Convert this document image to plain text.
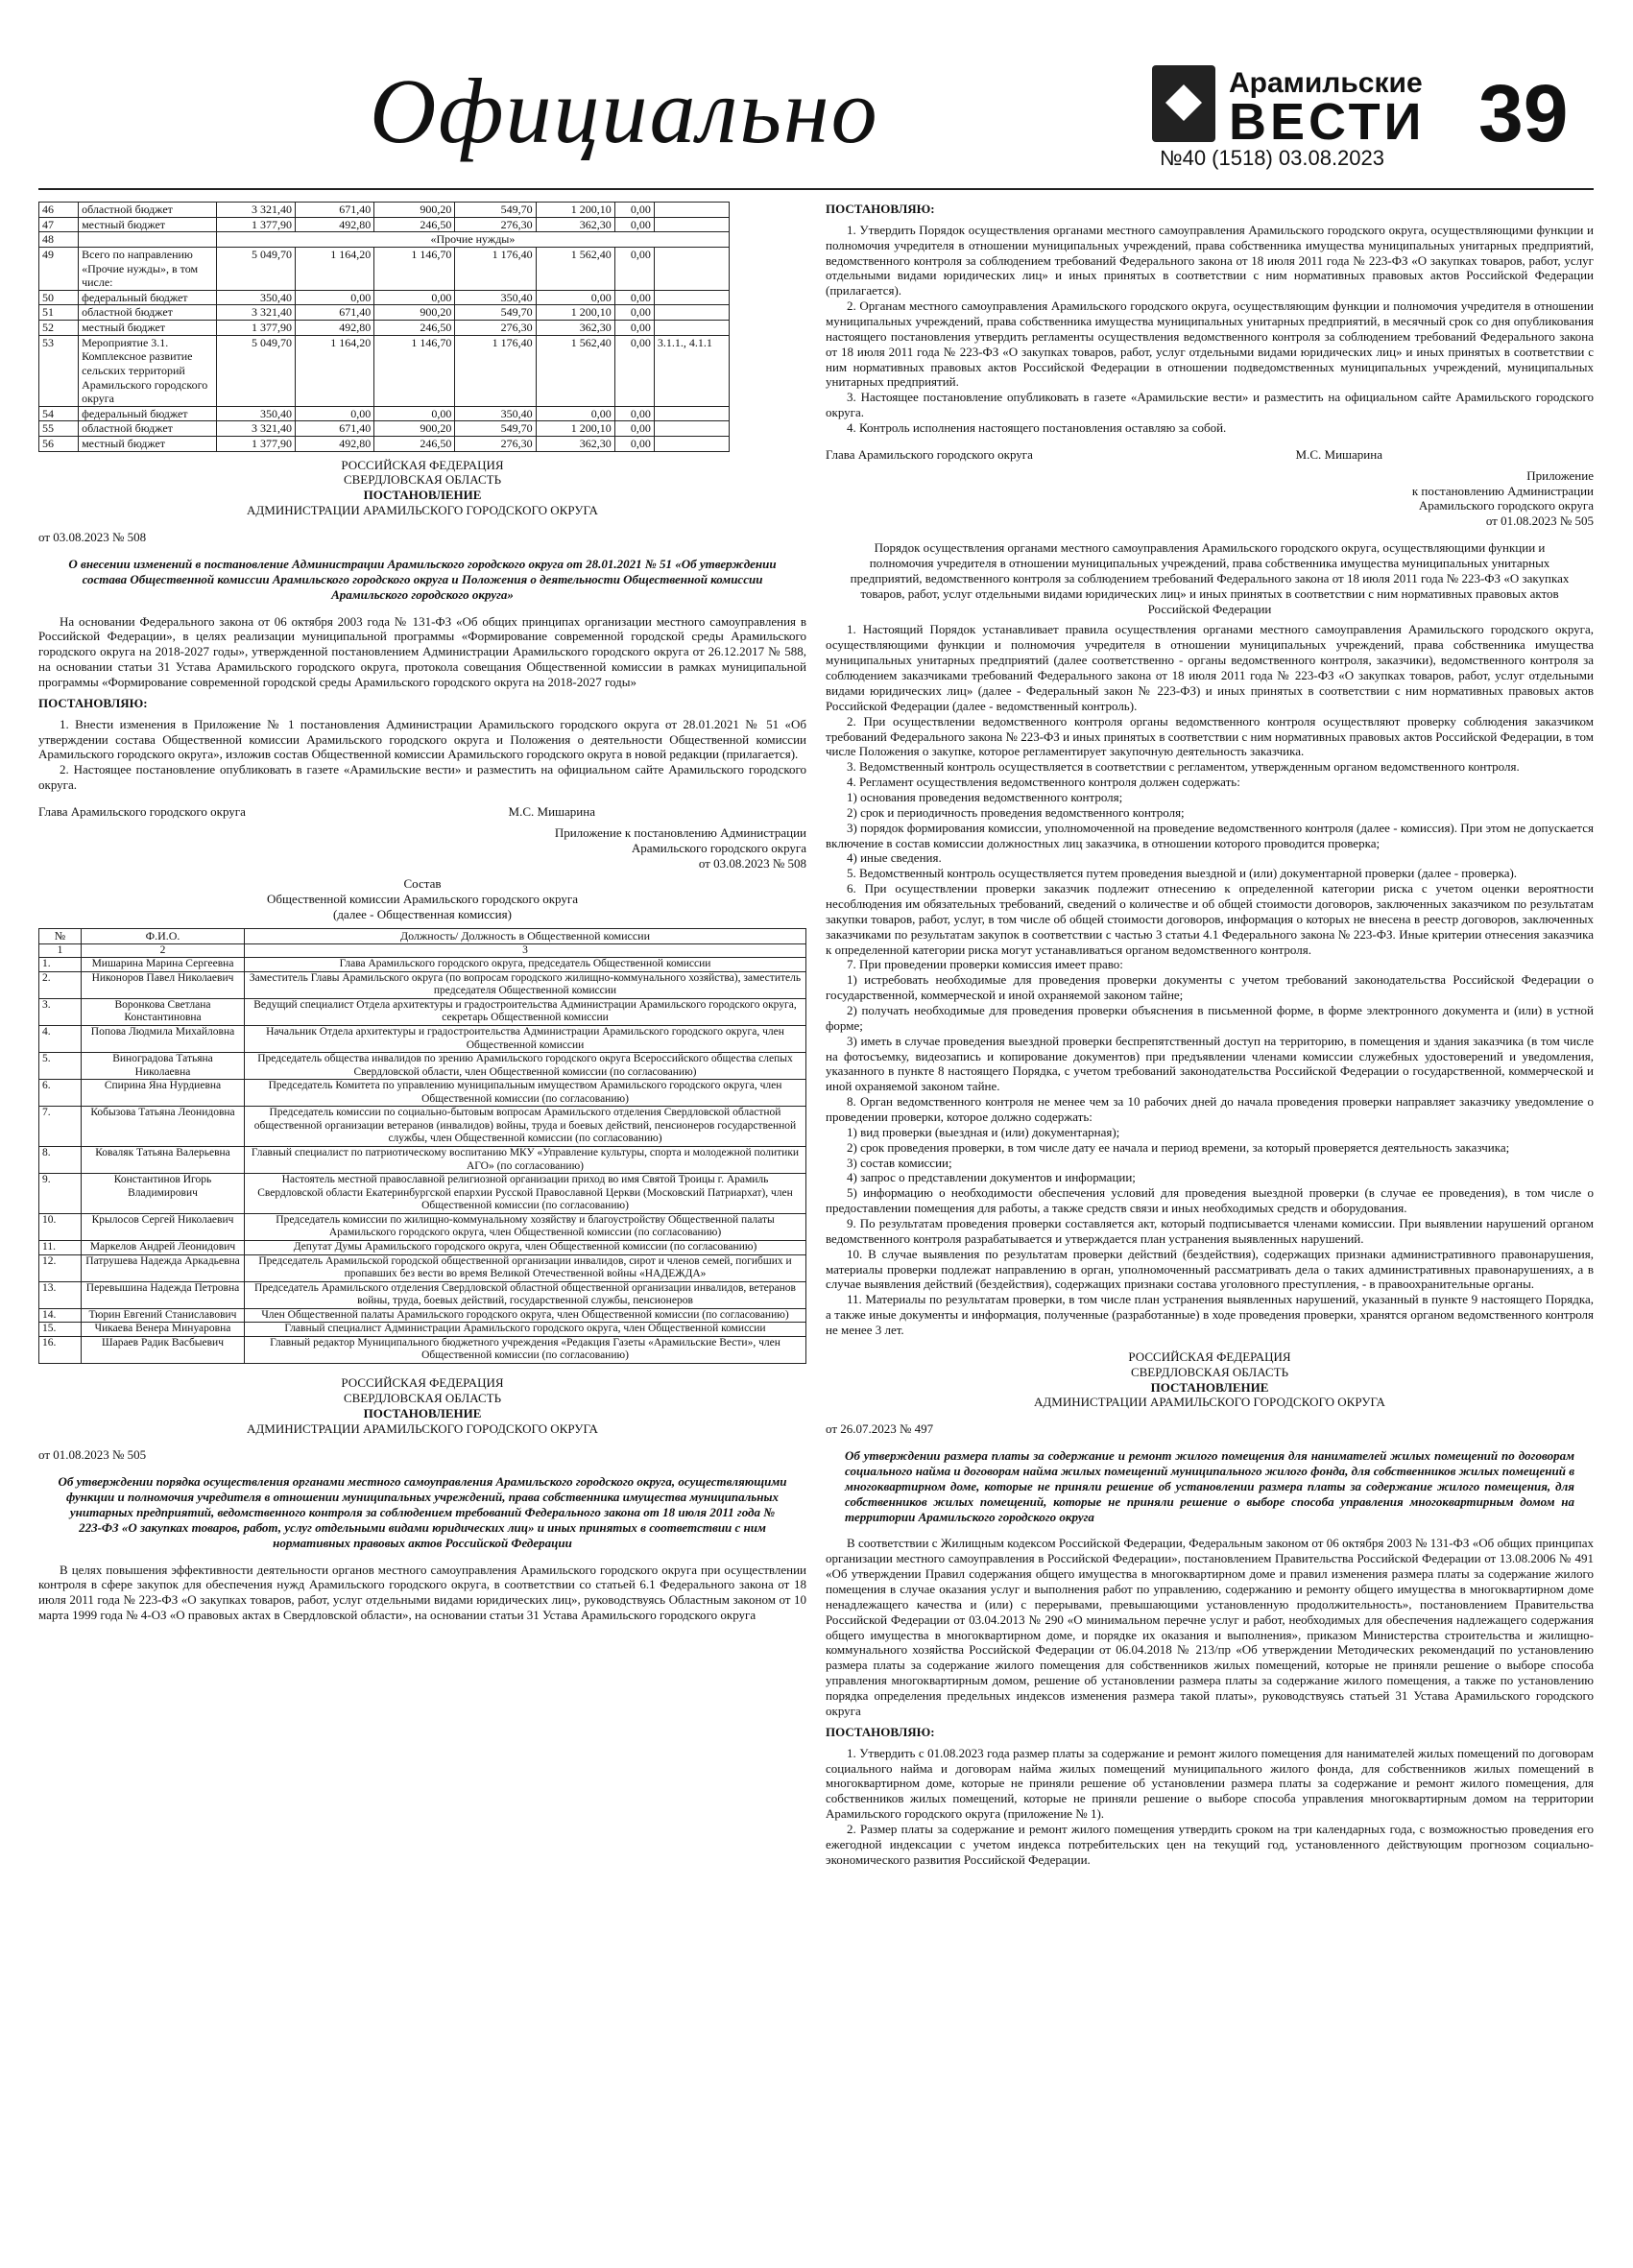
Официально	Арамильские
ВЕСТИ
№40 (1518) 03.08.2023 39
46	областной бюджет	3 321,40	671,40	900,20	549,70	1 200,10	0,00	
47	местный бюджет	1 377,90	492,80	246,50	276,30	362,30	0,00	
48		«Прочие нужды»						
49	Всего по направлению «Прочие нужды», в том числе:	5 049,70	1 164,20	1 146,70	1 176,40	1 562,40	0,00	
50	федеральный бюджет	350,40	0,00	0,00	350,40	0,00	0,00	
51	областной бюджет	3 321,40	671,40	900,20	549,70	1 200,10	0,00	
52	местный бюджет	1 377,90	492,80	246,50	276,30	362,30	0,00	
53	Мероприятие 3.1. Комплексное развитие сельских территорий Арамильского городского округа	5 049,70	1 164,20	1 146,70	1 176,40	1 562,40	0,00	3.1.1., 4.1.1
54	федеральный бюджет	350,40	0,00	0,00	350,40	0,00	0,00	
55	областной бюджет	3 321,40	671,40	900,20	549,70	1 200,10	0,00	
56	местный бюджет	1 377,90	492,80	246,50	276,30	362,30	0,00	

РОССИЙСКАЯ ФЕДЕРАЦИЯ

СВЕРДЛОВСКАЯ ОБЛАСТЬ

ПОСТАНОВЛЕНИЕ

АДМИНИСТРАЦИИ АРАМИЛЬСКОГО ГОРОДСКОГО ОКРУГА

от 03.08.2023 № 508

О внесении изменений в постановление Администрации Арамильского городского округа от 28.01.2021 № 51 «Об утверждении состава Общественной комиссии Арамильского городского округа и Положения о деятельности Общественной комиссии Арамильского городского округа»

На основании Федерального закона от 06 октября 2003 года № 131-ФЗ «Об общих принципах организации местного самоуправления в Российской Федерации», в целях реализации муниципальной программы «Формирование современной городской среды Арамильского городского округа на 2018-2027 годы», утвержденной постановлением Администрации Арамильского городского округа от 26.12.2017 № 588, на основании статьи 31 Устава Арамильского городского округа, протокола совещания Общественной комиссии в рамках муниципальной программы «Формирование современной городской среды Арамильского городского округа на 2018-2027 годы»

ПОСТАНОВЛЯЮ:

1. Внести изменения в Приложение № 1 постановления Администрации Арамильского городского округа от 28.01.2021 № 51 «Об утверждении состава Общественной комиссии Арамильского городского округа и Положения о деятельности Общественной комиссии Арамильского городского округа», изложив состав Общественной комиссии Арамильского городского округа в новой редакции (прилагается).

2. Настоящее постановление опубликовать в газете «Арамильские вести» и разместить на официальном сайте Арамильского городского округа.

Глава Арамильского городского округа	М.С. Мишарина

Приложение к постановлению Администрации

Арамильского городского округа

от 03.08.2023 № 508

Состав

Общественной комиссии Арамильского городского округа

(далее - Общественная комиссия)

№	Ф.И.О.	Должность/ Должность в Общественной комиссии
1	2	3
1.	Мишарина Марина Сергеевна	Глава Арамильского городского округа, председатель Общественной комиссии
2.	Никоноров Павел Николаевич	Заместитель Главы Арамильского округа (по вопросам городского жилищно-коммунального хозяйства), заместитель председателя Общественной комиссии
3.	Воронкова Светлана Константиновна	Ведущий специалист Отдела архитектуры и градостроительства Администрации Арамильского городского округа, секретарь Общественной комиссии
4.	Попова Людмила Михайловна	Начальник Отдела архитектуры и градостроительства Администрации Арамильского городского округа, член Общественной комиссии
5.	Виноградова Татьяна Николаевна	Председатель общества инвалидов по зрению Арамильского городского округа Всероссийского общества слепых Свердловской области, член Общественной комиссии (по согласованию)
6.	Спирина Яна Нурдиевна	Председатель Комитета по управлению муниципальным имуществом Арамильского городского округа, член Общественной комиссии (по согласованию)
7.	Кобызова Татьяна Леонидовна	Председатель комиссии по социально-бытовым вопросам Арамильского отделения Свердловской областной общественной организации ветеранов (инвалидов) войны, труда и боевых действий, пенсионеров государственной службы, член Общественной комиссии (по согласованию)
8.	Коваляк Татьяна Валерьевна	Главный специалист по патриотическому воспитанию МКУ «Управление культуры, спорта и молодежной политики АГО» (по согласованию)
9.	Константинов Игорь Владимирович	Настоятель местной православной религиозной организации приход во имя Святой Троицы г. Арамиль Свердловской области Екатеринбургской епархии Русской Православной Церкви (Московский Патриархат), член Общественной комиссии (по согласованию)
10.	Крылосов Сергей Николаевич	Председатель комиссии по жилищно-коммунальному хозяйству и благоустройству Общественной палаты Арамильского городского округа, член Общественной комиссии (по согласованию)
11.	Маркелов Андрей Леонидович	Депутат Думы Арамильского городского округа, член Общественной комиссии (по согласованию)
12.	Патрушева Надежда Аркадьевна	Председатель Арамильской городской общественной организации инвалидов, сирот и членов семей, погибших и пропавших без вести во время Великой Отечественной войны «НАДЕЖДА»
13.	Перевышина Надежда Петровна	Председатель Арамильского отделения Свердловской областной общественной организации инвалидов, ветеранов войны, труда, боевых действий, государственной службы, пенсионеров
14.	Тюрин Евгений Станиславович	Член Общественной палаты Арамильского городского округа, член Общественной комиссии (по согласованию)
15.	Чикаева Венера Минуаровна	Главный специалист Администрации Арамильского городского округа, член Общественной комиссии
16.	Шараев Радик Васбыевич	Главный редактор Муниципального бюджетного учреждения «Редакция Газеты «Арамильские Вести», член Общественной комиссии (по согласованию)

РОССИЙСКАЯ ФЕДЕРАЦИЯ

СВЕРДЛОВСКАЯ ОБЛАСТЬ

ПОСТАНОВЛЕНИЕ

АДМИНИСТРАЦИИ АРАМИЛЬСКОГО ГОРОДСКОГО ОКРУГА

от 01.08.2023 № 505

Об утверждении порядка осуществления органами местного самоуправления Арамильского городского округа, осуществляющими функции и полномочия учредителя в отношении муниципальных учреждений, права собственника имущества муниципальных унитарных предприятий, ведомственного контроля за соблюдением требований Федерального закона от 18 июля 2011 года № 223-ФЗ «О закупках товаров, работ, услуг отдельными видами юридических лиц» и иных принятых в соответствии с ним нормативных правовых актов Российской Федерации

В целях повышения эффективности деятельности органов местного самоуправления Арамильского городского округа при осуществлении контроля в сфере закупок для обеспечения нужд Арамильского городского округа, в соответствии со статьей 6.1 Федерального закона от 18 июля 2011 года № 223-ФЗ «О закупках товаров, работ, услуг отдельными видами юридических лиц», руководствуясь Областным законом от 10 марта 1999 года № 4-ОЗ «О правовых актах в Свердловской области», на основании статьи 31 Устава Арамильского городского округа

ПОСТАНОВЛЯЮ:

1. Утвердить Порядок осуществления органами местного самоуправления Арамильского городского округа, осуществляющими функции и полномочия учредителя в отношении муниципальных учреждений, права собственника имущества муниципальных унитарных предприятий, ведомственного контроля за соблюдением требований Федерального закона от 18 июля 2011 года № 223-ФЗ «О закупках товаров, работ, услуг отдельными видами юридических лиц» и иных принятых в соответствии с ним нормативных правовых актов Российской Федерации (прилагается).

2. Органам местного самоуправления Арамильского городского округа, осуществляющим функции и полномочия учредителя в отношении муниципальных учреждений, права собственника имущества муниципальных унитарных предприятий, в месячный срок со дня опубликования настоящего постановления утвердить регламенты осуществления ведомственного контроля за соблюдением требований Федерального закона от 18 июля 2011 года № 223-ФЗ «О закупках товаров, работ, услуг отдельными видами юридических лиц» и иных принятых в соответствии с ним нормативных правовых актов Российской Федерации в отношении подведомственных муниципальных учреждений, муниципальных унитарных предприятий.

3. Настоящее постановление опубликовать в газете «Арамильские вести» и разместить на официальном сайте Арамильского городского округа.

4. Контроль исполнения настоящего постановления оставляю за собой.

Глава Арамильского городского округа	М.С. Мишарина

Приложение

к постановлению Администрации

Арамильского городского округа

от 01.08.2023 № 505

Порядок осуществления органами местного самоуправления Арамильского городского округа, осуществляющими функции и полномочия учредителя в отношении муниципальных учреждений, права собственника имущества муниципальных унитарных предприятий, ведомственного контроля за соблюдением требований Федерального закона от 18 июля 2011 года № 223-ФЗ «О закупках товаров, работ, услуг отдельными видами юридических лиц» и иных принятых в соответствии с ним нормативных правовых актов Российской Федерации

1. Настоящий Порядок устанавливает правила осуществления органами местного самоуправления Арамильского городского округа, осуществляющими функции и полномочия учредителя в отношении муниципальных учреждений, права собственника имущества муниципальных унитарных предприятий (далее соответственно - органы ведомственного контроля, заказчики), ведомственного контроля за соблюдением заказчиками требований Федерального закона от 18 июля 2011 года № 223-ФЗ «О закупках товаров, работ, услуг отдельными видами юридических лиц» (далее - Федеральный закон № 223-ФЗ) и иных принятых в соответствии с ним нормативных правовых актов Российской Федерации (далее - ведомственный контроль).

2. При осуществлении ведомственного контроля органы ведомственного контроля осуществляют проверку соблюдения заказчиком требований Федерального закона № 223-ФЗ и иных принятых в соответствии с ним нормативных правовых актов Российской Федерации, в том числе Положения о закупке, которое регламентирует закупочную деятельность заказчика.

3. Ведомственный контроль осуществляется в соответствии с регламентом, утвержденным органом ведомственного контроля.

4. Регламент осуществления ведомственного контроля должен содержать:

1) основания проведения ведомственного контроля;

2) срок и периодичность проведения ведомственного контроля;

3) порядок формирования комиссии, уполномоченной на проведение ведомственного контроля (далее - комиссия). При этом не допускается включение в состав комиссии должностных лиц заказчика, в отношении которого проводится проверка;

4) иные сведения.

5. Ведомственный контроль осуществляется путем проведения выездной и (или) документарной проверки (далее - проверка).

6. При осуществлении проверки заказчик подлежит отнесению к определенной категории риска с учетом оценки вероятности несоблюдения им обязательных требований, сведений о количестве и об общей стоимости договоров, заключенных заказчиком по результатам закупки товаров, работ, услуг, в том числе об общей стоимости договоров, информация о которых не внесена в реестр договоров, заключенных заказчиками по результатам закупок в соответствии с частью 3 статьи 4.1 Федерального закона № 223-ФЗ. Иные критерии отнесения заказчика к определенной категории риска могут устанавливаться органом ведомственного контроля.

7. При проведении проверки комиссия имеет право:

1) истребовать необходимые для проведения проверки документы с учетом требований законодательства Российской Федерации о государственной, коммерческой и иной охраняемой законом тайне;

2) получать необходимые для проведения проверки объяснения в письменной форме, в форме электронного документа и (или) в устной форме;

3) иметь в случае проведения выездной проверки беспрепятственный доступ на территорию, в помещения и здания заказчика (в том числе на фотосъемку, видеозапись и копирование документов) при предъявлении членами комиссии служебных удостоверений и уведомления, указанного в пункте 8 настоящего Порядка, с учетом требований законодательства Российской Федерации о государственной, коммерческой и иной охраняемой законом тайне.

8. Орган ведомственного контроля не менее чем за 10 рабочих дней до начала проведения проверки направляет заказчику уведомление о проведении проверки, которое должно содержать:

1) вид проверки (выездная и (или) документарная);

2) срок проведения проверки, в том числе дату ее начала и период времени, за который проверяется деятельность заказчика;

3) состав комиссии;

4) запрос о представлении документов и информации;

5) информацию о необходимости обеспечения условий для проведения выездной проверки (в случае ее проведения), в том числе о предоставлении помещения для работы, а также средств связи и иных необходимых средств и оборудования.

9. По результатам проведения проверки составляется акт, который подписывается членами комиссии. При выявлении нарушений органом ведомственного контроля разрабатывается и утверждается план устранения выявленных нарушений.

10. В случае выявления по результатам проверки действий (бездействия), содержащих признаки административного правонарушения, материалы проверки подлежат направлению в орган, уполномоченный рассматривать дела о таких административных правонарушениях, а в случае выявления действий (бездействия), содержащих признаки состава уголовного преступления, - в правоохранительные органы.

11. Материалы по результатам проверки, в том числе план устранения выявленных нарушений, указанный в пункте 9 настоящего Порядка, а также иные документы и информация, полученные (разработанные) в ходе проведения проверки, хранятся органом ведомственного контроля не менее 3 лет.

РОССИЙСКАЯ ФЕДЕРАЦИЯ

СВЕРДЛОВСКАЯ ОБЛАСТЬ

ПОСТАНОВЛЕНИЕ

АДМИНИСТРАЦИИ АРАМИЛЬСКОГО ГОРОДСКОГО ОКРУГА

от 26.07.2023 № 497

Об утверждении размера платы за содержание и ремонт жилого помещения для нанимателей жилых помещений по договорам социального найма и договорам найма жилых помещений муниципального жилого фонда, для собственников жилых помещений в многоквартирном доме, которые не приняли решение об установлении размера платы за содержание жилого помещения, для собственников жилых помещений, которые не приняли решение о выборе способа управления многоквартирным домом на территории Арамильского городского округа

В соответствии с Жилищным кодексом Российской Федерации, Федеральным законом от 06 октября 2003 № 131-ФЗ «Об общих принципах организации местного самоуправления в Российской Федерации», постановлением Правительства Российской Федерации от 13.08.2006 № 491 «Об утверждении Правил содержания общего имущества в многоквартирном доме и правил изменения размера платы за содержание жилого помещения в случае оказания услуг и выполнения работ по управлению, содержанию и ремонту общего имущества в многоквартирном доме ненадлежащего качества и (или) с перерывами, превышающими установленную продолжительность», постановлением Правительства Российской Федерации от 03.04.2013 № 290 «О минимальном перечне услуг и работ, необходимых для обеспечения надлежащего содержания общего имущества в многоквартирном доме, и порядке их оказания и выполнения», приказом Министерства строительства и жилищно-коммунального хозяйства Российской Федерации от 06.04.2018 № 213/пр «Об утверждении Методических рекомендаций по установлению размера платы за содержание жилого помещения для собственников жилых помещений, которые не приняли решение о выборе способа управления многоквартирным домом, решение об установлении размера платы за содержание жилого помещения, а также по установлению порядка определения предельных индексов изменения размера такой платы», руководствуясь статьей 31 Устава Арамильского городского округа

ПОСТАНОВЛЯЮ:

1. Утвердить с 01.08.2023 года размер платы за содержание и ремонт жилого помещения для нанимателей жилых помещений по договорам социального найма и договорам найма жилых помещений муниципального жилого фонда, для собственников жилых помещений в многоквартирном доме, которые не приняли решение об установлении размера платы за содержание и ремонт жилого помещения, для собственников жилых помещений, которые не приняли решение о выборе способа управления многоквартирным домом на территории Арамильского городского округа (приложение № 1).

2. Размер платы за содержание и ремонт жилого помещения утвердить сроком на три календарных года, с возможностью проведения его ежегодной индексации с учетом индекса потребительских цен на текущий год, установленного действующим прогнозом социально-экономического развития Российской Федерации.
